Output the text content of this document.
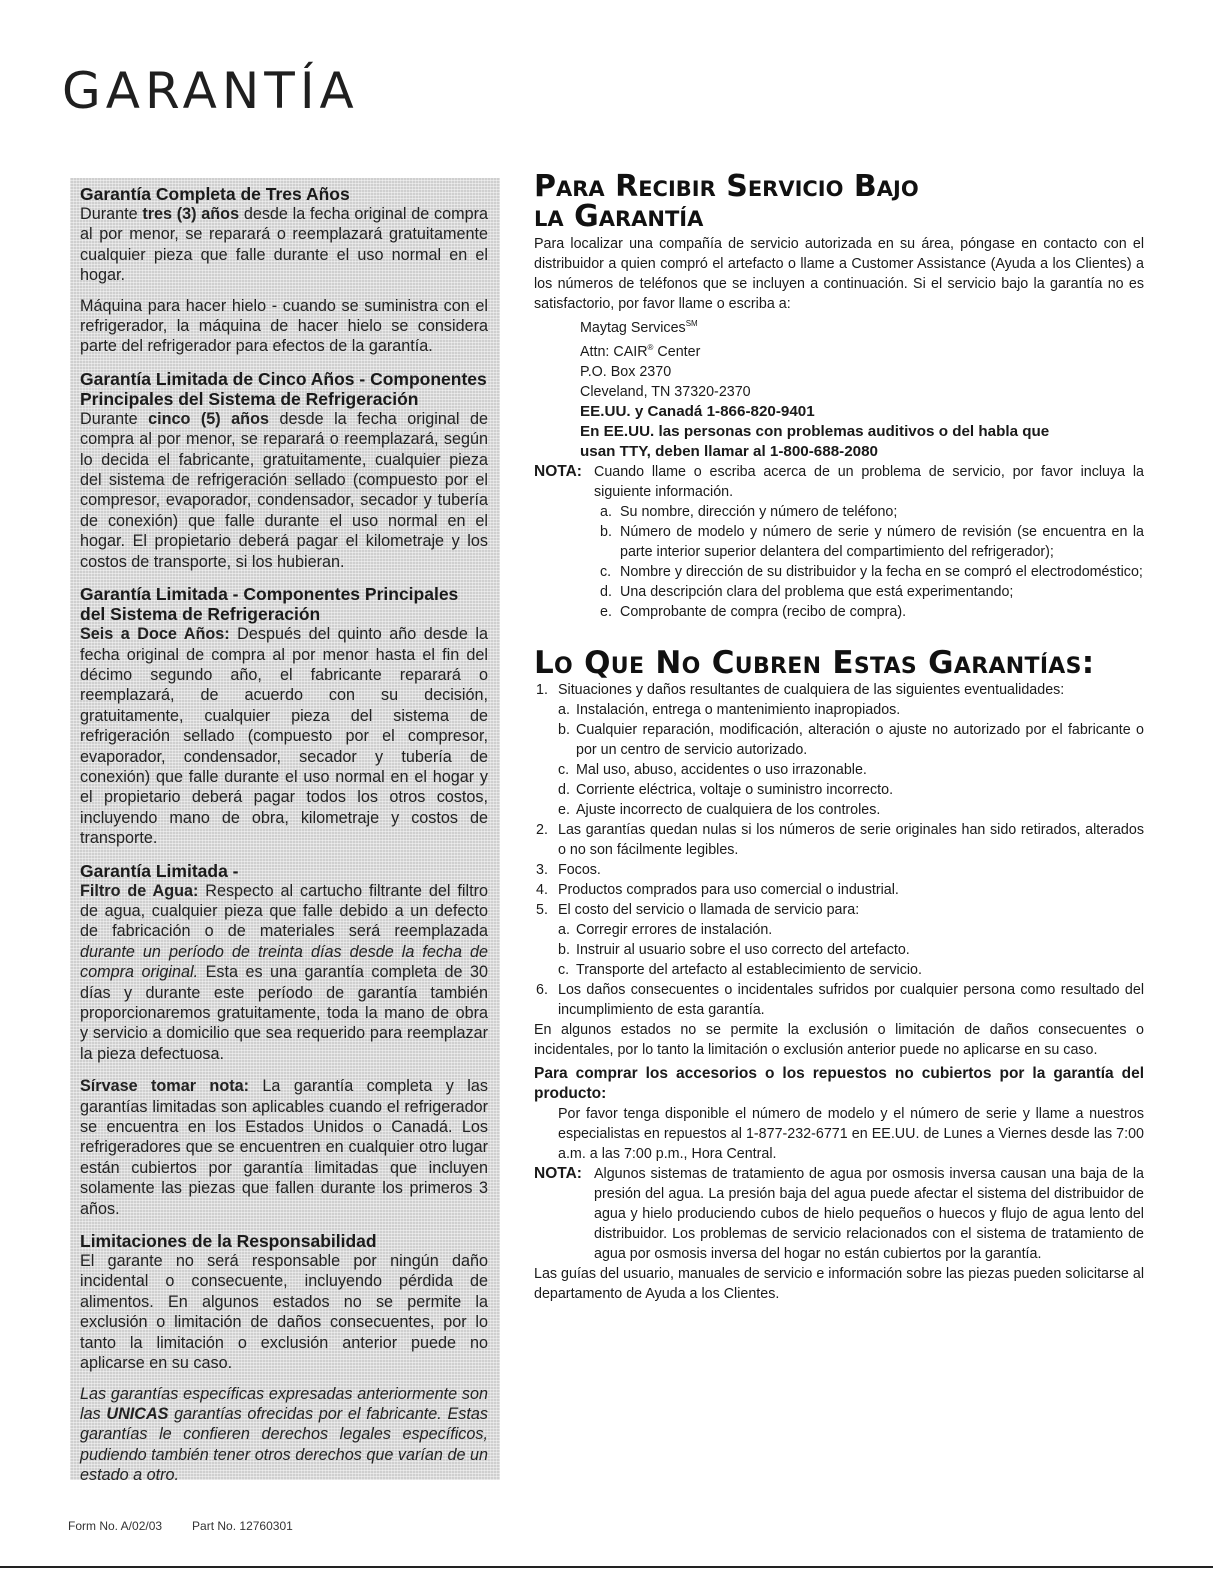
GARANTÍA
Garantía Completa de Tres Años

Durante tres (3) años desde la fecha original de compra al por menor, se reparará o reemplazará gratuitamente cualquier pieza que falle durante el uso normal en el hogar.

Máquina para hacer hielo - cuando se suministra con el refrigerador, la máquina de hacer hielo se considera parte del refrigerador para efectos de la garantía.

Garantía Limitada de Cinco Años - Componentes Principales del Sistema de Refrigeración

Durante cinco (5) años desde la fecha original de compra al por menor, se reparará o reemplazará, según lo decida el fabricante, gratuitamente, cualquier pieza del sistema de refrigeración sellado (compuesto por el compresor, evaporador, condensador, secador y tubería de conexión) que falle durante el uso normal en el hogar. El propietario deberá pagar el kilometraje y los costos de transporte, si los hubieran.

Garantía Limitada - Componentes Principales del Sistema de Refrigeración

Seis a Doce Años: Después del quinto año desde la fecha original de compra al por menor hasta el fin del décimo segundo año, el fabricante reparará o reemplazará, de acuerdo con su decisión, gratuitamente, cualquier pieza del sistema de refrigeración sellado (compuesto por el compresor, evaporador, condensador, secador y tubería de conexión) que falle durante el uso normal en el hogar y el propietario deberá pagar todos los otros costos, incluyendo mano de obra, kilometraje y costos de transporte.

Garantía Limitada -

Filtro de Agua: Respecto al cartucho filtrante del filtro de agua, cualquier pieza que falle debido a un defecto de fabricación o de materiales será reemplazada durante un período de treinta días desde la fecha de compra original. Esta es una garantía completa de 30 días y durante este período de garantía también proporcionaremos gratuitamente, toda la mano de obra y servicio a domicilio que sea requerido para reemplazar la pieza defectuosa.

Sírvase tomar nota: La garantía completa y las garantías limitadas son aplicables cuando el refrigerador se encuentra en los Estados Unidos o Canadá. Los refrigeradores que se encuentren en cualquier otro lugar están cubiertos por garantía limitadas que incluyen solamente las piezas que fallen durante los primeros 3 años.

Limitaciones de la Responsabilidad

El garante no será responsable por ningún daño incidental o consecuente, incluyendo pérdida de alimentos. En algunos estados no se permite la exclusión o limitación de daños consecuentes, por lo tanto la limitación o exclusión anterior puede no aplicarse en su caso.

Las garantías específicas expresadas anteriormente son las UNICAS garantías ofrecidas por el fabricante. Estas garantías le confieren derechos legales específicos, pudiendo también tener otros derechos que varían de un estado a otro.

Form No. A/02/03	Part No. 12760301
Para Recibir Servicio Bajo
la Garantía

Para localizar una compañía de servicio autorizada en su área, póngase en contacto con el distribuidor a quien compró el artefacto o llame a Customer Assistance (Ayuda a los Clientes) a los números de teléfonos que se incluyen a continuación. Si el servicio bajo la garantía no es satisfactorio, por favor llame o escriba a:

Maytag Services℠
Attn: CAIR® Center
P.O. Box 2370
Cleveland, TN 37320-2370
EE.UU. y Canadá 1-866-820-9401
En EE.UU. las personas con problemas auditivos o del habla que
usan TTY, deben llamar al 1-800-688-2080
NOTA: Cuando llame o escriba acerca de un problema de servicio, por favor incluya la siguiente información.
a. Su nombre, dirección y número de teléfono;
b. Número de modelo y número de serie y número de revisión (se encuentra en la parte interior superior delantera del compartimiento del refrigerador);
c. Nombre y dirección de su distribuidor y la fecha en se compró el electrodoméstico;
d. Una descripción clara del problema que está experimentando;
e. Comprobante de compra (recibo de compra).
Lo Que No Cubren Estas Garantías:
1. Situaciones y daños resultantes de cualquiera de las siguientes eventualidades:
a. Instalación, entrega o mantenimiento inapropiados.
b. Cualquier reparación, modificación, alteración o ajuste no autorizado por el fabricante o por un centro de servicio autorizado.
c. Mal uso, abuso, accidentes o uso irrazonable.
d. Corriente eléctrica, voltaje o suministro incorrecto.
e. Ajuste incorrecto de cualquiera de los controles.
2. Las garantías quedan nulas si los números de serie originales han sido retirados, alterados o no son fácilmente legibles.
3. Focos.
4. Productos comprados para uso comercial o industrial.
5. El costo del servicio o llamada de servicio para:
a. Corregir errores de instalación.
b. Instruir al usuario sobre el uso correcto del artefacto.
c. Transporte del artefacto al establecimiento de servicio.
6. Los daños consecuentes o incidentales sufridos por cualquier persona como resultado del incumplimiento de esta garantía.

En algunos estados no se permite la exclusión o limitación de daños consecuentes o incidentales, por lo tanto la limitación o exclusión anterior puede no aplicarse en su caso.

Para comprar los accesorios o los repuestos no cubiertos por la garantía del producto:

Por favor tenga disponible el número de modelo y el número de serie y llame a nuestros especialistas en repuestos al 1-877-232-6771 en EE.UU. de Lunes a Viernes desde las 7:00 a.m. a las 7:00 p.m., Hora Central.

NOTA: Algunos sistemas de tratamiento de agua por osmosis inversa causan una baja de la presión del agua. La presión baja del agua puede afectar el sistema del distribuidor de agua y hielo produciendo cubos de hielo pequeños o huecos y flujo de agua lento del distribuidor. Los problemas de servicio relacionados con el sistema de tratamiento de agua por osmosis inversa del hogar no están cubiertos por la garantía.

Las guías del usuario, manuales de servicio e información sobre las piezas pueden solicitarse al departamento de Ayuda a los Clientes.
